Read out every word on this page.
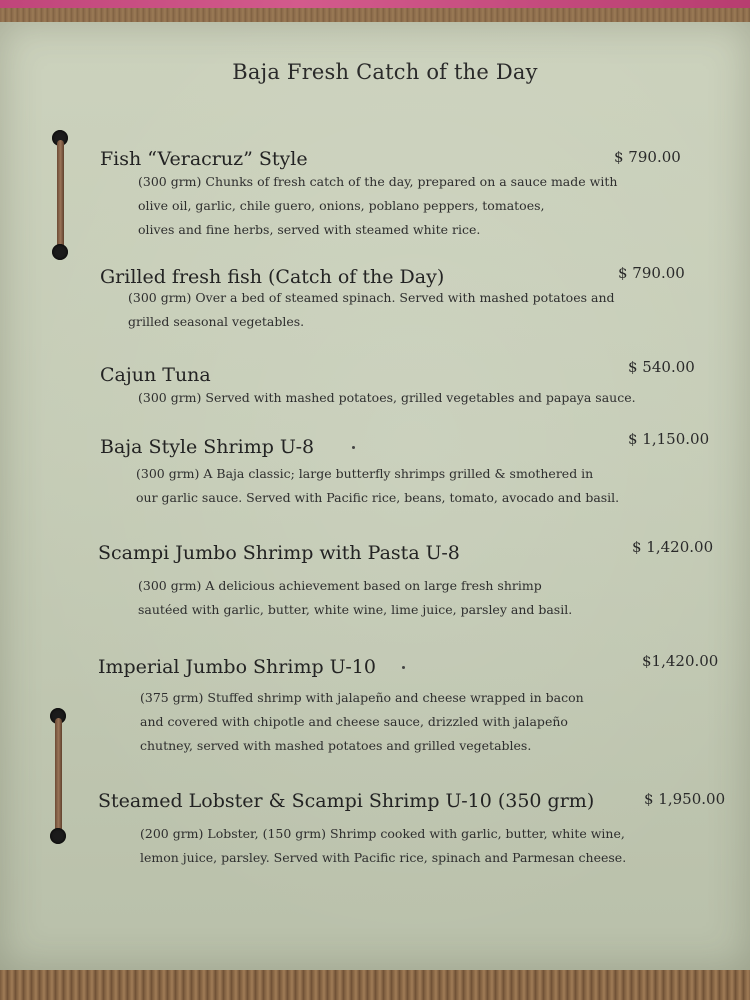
Baja Fresh Catch of the Day
Fish “Veracruz” Style	$ 790.00
(300 grm) Chunks of fresh catch of the day, prepared on a sauce made with
olive oil, garlic, chile guero, onions, poblano peppers, tomatoes,
olives and fine herbs, served with steamed white rice.
Grilled fresh fish (Catch of the Day)	$ 790.00
(300 grm) Over a bed of steamed spinach. Served with mashed potatoes and
grilled seasonal vegetables.
Cajun Tuna	$ 540.00
(300 grm) Served with mashed potatoes, grilled vegetables and papaya sauce.
Baja Style Shrimp U-8	$ 1,150.00
(300 grm) A Baja classic; large butterfly shrimps grilled & smothered in
our garlic sauce. Served with Pacific rice, beans, tomato, avocado and basil.
Scampi Jumbo Shrimp with Pasta U-8	$ 1,420.00
(300 grm) A delicious achievement based on large fresh shrimp
sautéed with garlic, butter, white wine, lime juice, parsley and basil.
Imperial Jumbo Shrimp U-10	$1,420.00
(375 grm) Stuffed shrimp with jalapeño and cheese wrapped in bacon
and covered with chipotle and cheese sauce, drizzled with jalapeño
chutney, served with mashed potatoes and grilled vegetables.
Steamed Lobster & Scampi Shrimp U-10 (350 grm)	$ 1,950.00
(200 grm) Lobster, (150 grm) Shrimp cooked with garlic, butter, white wine,
lemon juice, parsley. Served with Pacific rice, spinach and Parmesan cheese.
